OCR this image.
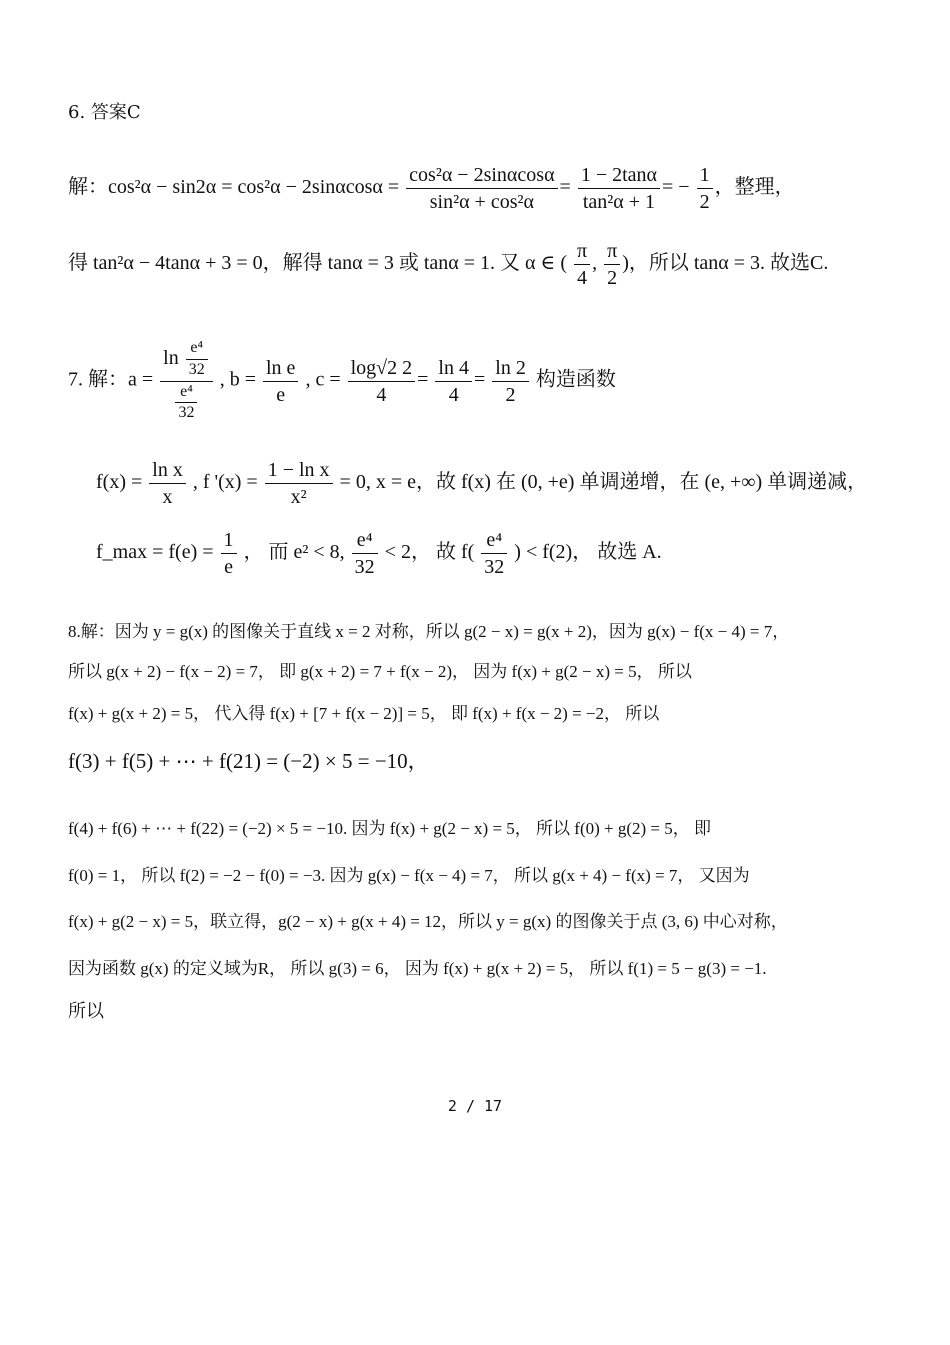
6. 答案C
解：$\cos^2\alpha - \sin 2\alpha = \cos^2\alpha - 2\sin\alpha\cos\alpha = \frac{\text{cos²α − 2sinαcosα}}{\text{sin²α + cos²α}} = \frac{1 - 2\tan\alpha}{\text{tan²α + 1}}$ = − $\frac{1}{2}$ ，整理，
得 tan²α − 4tanα + 3 = 0，解得 tanα = 3 或 tanα = 1. 又 α ∈ ( $\frac{\pi}{4}$ , $\frac{\pi}{2}$ )，所以 tanα = 3. 故选C.
7. 解：$a = \frac{\ln \frac{\text{e⁴}}{32}}{\frac{\text{e⁴}}{32}}$ , $b = \frac{\text{ln e}}{e}$ , $c = \frac{\log√2 2}{4} = \frac{\ln 4}{4} = \frac{\ln 2}{2}$ 构造函数
$f(x) = \frac{\text{ln x}}{x}$ , f '$(x) = \frac{\text{1 − ln x}}{\text{x²}} = 0$, x = e，故 f(x) 在 (0, +e) 单调递增，在 (e, +∞) 单调递减，
f_max = $f(e) = \frac{1}{e}$ ， 而 e² < 8, $\frac{\text{e⁴}}{32} < 2$， 故 $f( \frac{\text{e⁴}}{32}$ ) < f(2)， 故选 A.
8.解：因为 y = g(x) 的图像关于直线 x = 2 对称，所以 g(2 − x) = g(x + 2)，因为 g(x) − f(x − 4) = 7，
所以 g(x + 2) − f(x − 2) = 7， 即 g(x + 2) = 7 + f(x − 2)， 因为 f(x) + g(2 − x) = 5， 所以
f(x) + g(x + 2) = 5， 代入得 f(x) + [7 + f(x − 2)] = 5， 即 f(x) + f(x − 2) = −2， 所以
f(3) + f(5) + ⋯ + f(21) = (−2) × 5 = −10，
f(4) + f(6) + ⋯ + f(22) = (−2) × 5 = −10. 因为 f(x) + g(2 − x) = 5， 所以 f(0) + g(2) = 5， 即
f(0) = 1， 所以 f(2) = −2 − f(0) = −3. 因为 g(x) − f(x − 4) = 7， 所以 g(x + 4) − f(x) = 7， 又因为
f(x) + g(2 − x) = 5，联立得，g(2 − x) + g(x + 4) = 12，所以 y = g(x) 的图像关于点 (3, 6) 中心对称，
因为函数 g(x) 的定义域为R， 所以 g(3) = 6， 因为 f(x) + g(x + 2) = 5， 所以 f(1) = 5 − g(3) = −1.
所以
2 / 17
